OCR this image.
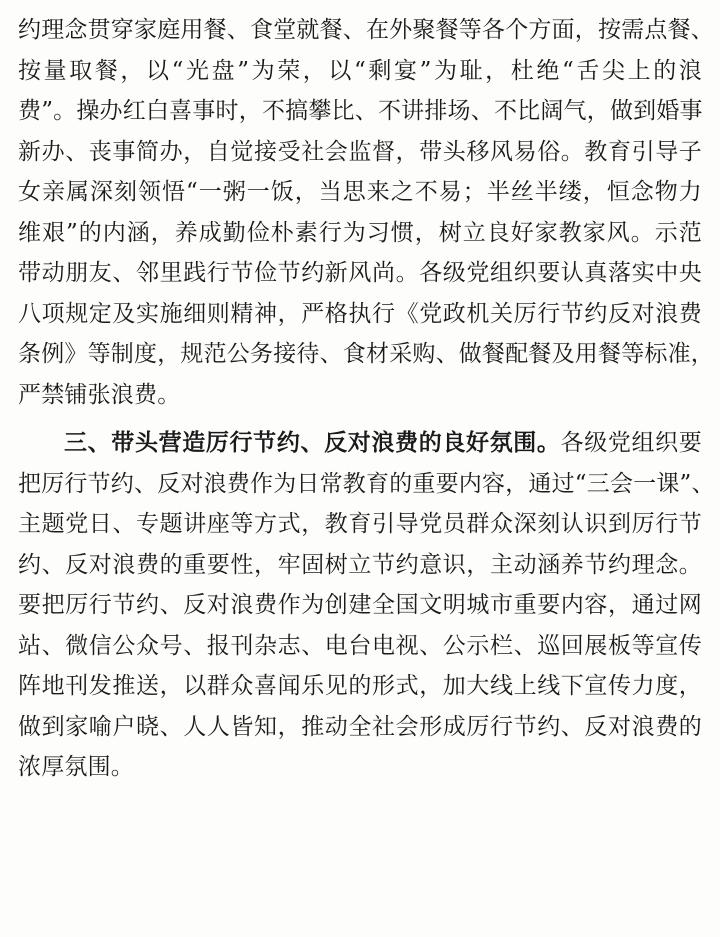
约理念贯穿家庭用餐、食堂就餐、在外聚餐等各个方面，按需点餐、
按量取餐，以“光盘”为荣，以“剩宴”为耻，杜绝“舌尖上的浪
费”。操办红白喜事时，不搞攀比、不讲排场、不比阔气，做到婚事
新办、丧事简办，自觉接受社会监督，带头移风易俗。教育引导子
女亲属深刻领悟“一粥一饭，当思来之不易；半丝半缕，恒念物力
维艰”的内涵，养成勤俭朴素行为习惯，树立良好家教家风。示范
带动朋友、邻里践行节俭节约新风尚。各级党组织要认真落实中央
八项规定及实施细则精神，严格执行《党政机关厉行节约反对浪费
条例》等制度，规范公务接待、食材采购、做餐配餐及用餐等标准，
严禁铺张浪费。
三、带头营造厉行节约、反对浪费的良好氛围。各级党组织要
把厉行节约、反对浪费作为日常教育的重要内容，通过“三会一课”、
主题党日、专题讲座等方式，教育引导党员群众深刻认识到厉行节
约、反对浪费的重要性，牢固树立节约意识，主动涵养节约理念。
要把厉行节约、反对浪费作为创建全国文明城市重要内容，通过网
站、微信公众号、报刊杂志、电台电视、公示栏、巡回展板等宣传
阵地刊发推送，以群众喜闻乐见的形式，加大线上线下宣传力度，
做到家喻户晓、人人皆知，推动全社会形成厉行节约、反对浪费的
浓厚氛围。
